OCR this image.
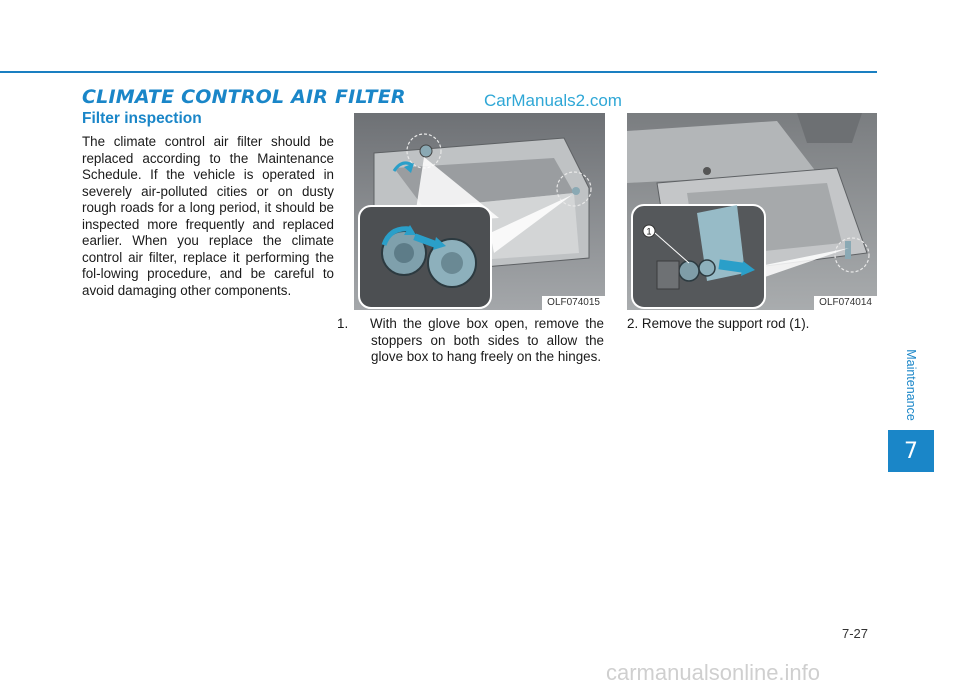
CLIMATE CONTROL AIR FILTER	CarManuals2.com
Filter inspection

The climate control air filter should be replaced according to the Maintenance Schedule. If the vehicle is operated in severely air-polluted cities or on dusty rough roads for a long period, it should be inspected more frequently and replaced earlier. When you replace the climate control air filter, replace it performing the fol-lowing procedure, and be careful to avoid damaging other components.

OLF074015
1
OLF074014

1. With the glove box open, remove the stoppers on both sides to allow the glove box to hang freely on the hinges.

2. Remove the support rod (1).

Maintenance
7
7-27
carmanualsonline.info
